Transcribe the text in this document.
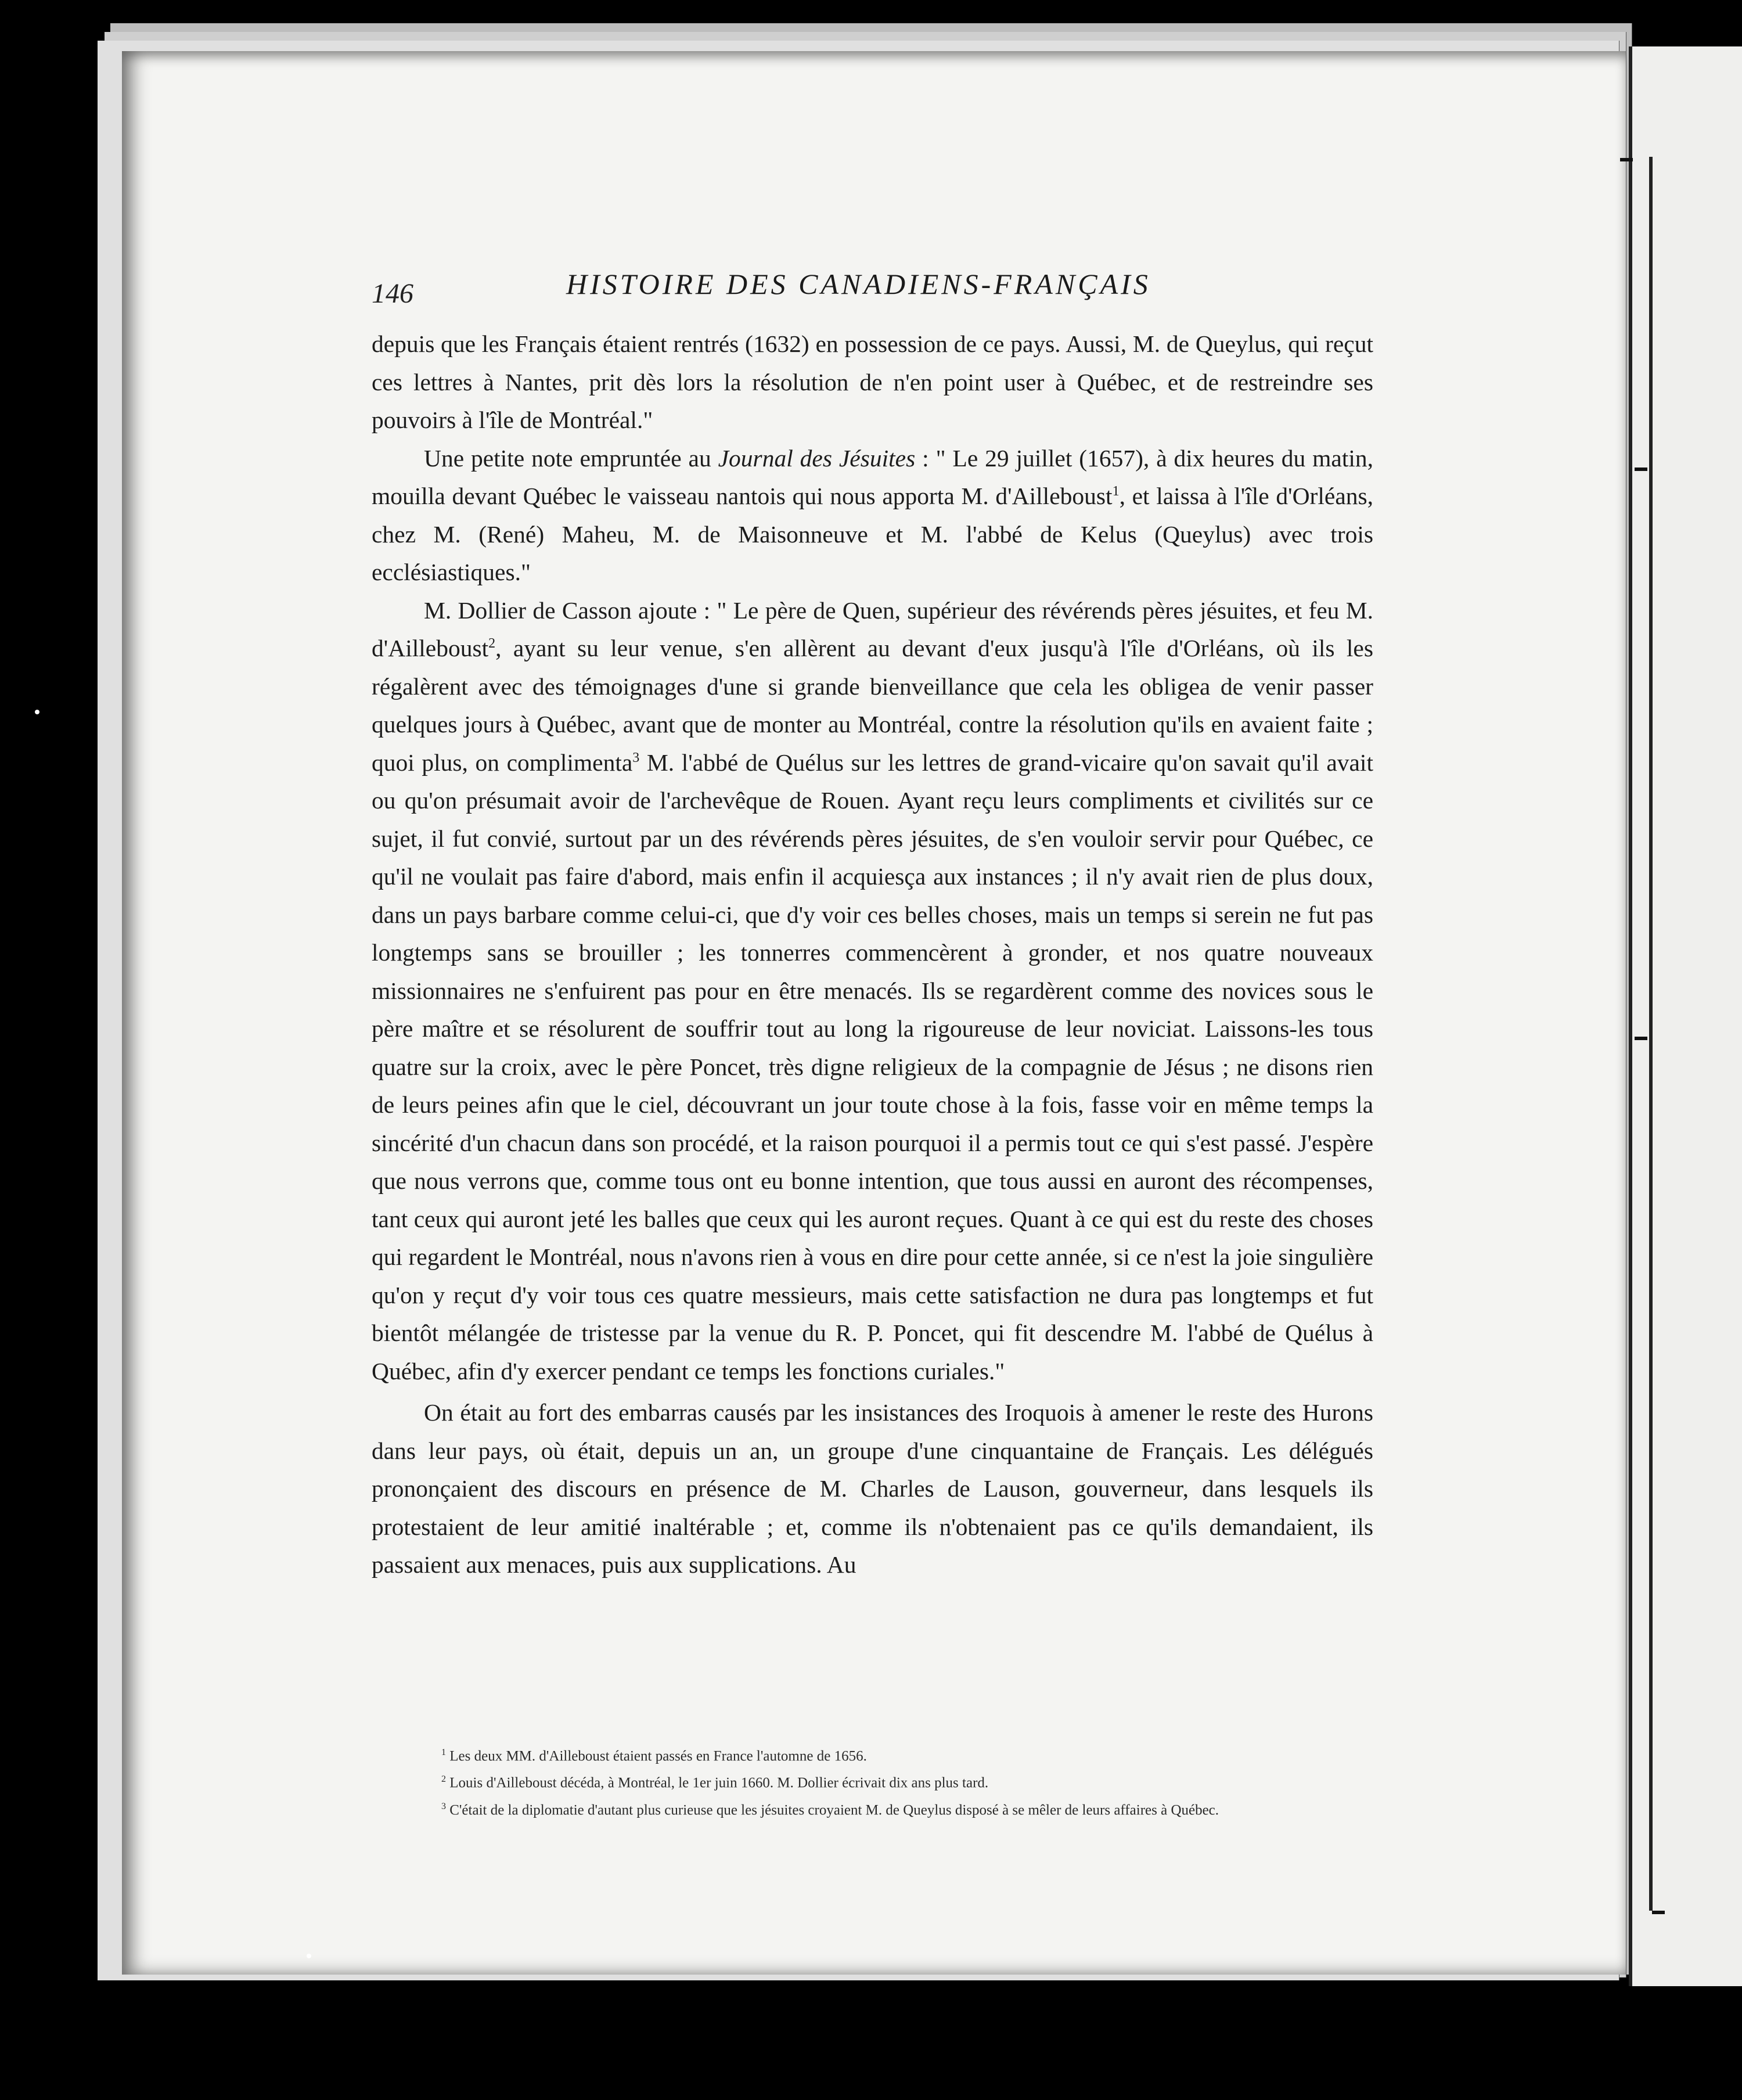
146	HISTOIRE DES CANADIENS-FRANÇAIS

depuis que les Français étaient rentrés (1632) en possession de ce pays. Aussi, M. de Queylus, qui reçut ces lettres à Nantes, prit dès lors la résolution de n'en point user à Québec, et de restreindre ses pouvoirs à l'île de Montréal."

Une petite note empruntée au Journal des Jésuites : " Le 29 juillet (1657), à dix heures du matin, mouilla devant Québec le vaisseau nantois qui nous apporta M. d'Ailleboust$^1$, et laissa à l'île d'Orléans, chez M. (René) Maheu, M. de Maisonneuve et M. l'abbé de Kelus (Queylus) avec trois ecclésiastiques."

M. Dollier de Casson ajoute : " Le père de Quen, supérieur des révérends pères jésuites, et feu M. d'Ailleboust$^2$, ayant su leur venue, s'en allèrent au devant d'eux jusqu'à l'île d'Orléans, où ils les régalèrent avec des témoignages d'une si grande bienveillance que cela les obligea de venir passer quelques jours à Québec, avant que de monter au Montréal, contre la résolution qu'ils en avaient faite ; quoi plus, on complimenta$^3$ M. l'abbé de Quélus sur les lettres de grand-vicaire qu'on savait qu'il avait ou qu'on présumait avoir de l'archevêque de Rouen. Ayant reçu leurs compliments et civilités sur ce sujet, il fut convié, surtout par un des révérends pères jésuites, de s'en vouloir servir pour Québec, ce qu'il ne voulait pas faire d'abord, mais enfin il acquiesça aux instances ; il n'y avait rien de plus doux, dans un pays barbare comme celui-ci, que d'y voir ces belles choses, mais un temps si serein ne fut pas longtemps sans se brouiller ; les tonnerres commencèrent à gronder, et nos quatre nouveaux missionnaires ne s'enfuirent pas pour en être menacés. Ils se regardèrent comme des novices sous le père maître et se résolurent de souffrir tout au long la rigoureuse de leur noviciat. Laissons-les tous quatre sur la croix, avec le père Poncet, très digne religieux de la compagnie de Jésus ; ne disons rien de leurs peines afin que le ciel, découvrant un jour toute chose à la fois, fasse voir en même temps la sincérité d'un chacun dans son procédé, et la raison pourquoi il a permis tout ce qui s'est passé. J'espère que nous verrons que, comme tous ont eu bonne intention, que tous aussi en auront des récompenses, tant ceux qui auront jeté les balles que ceux qui les auront reçues. Quant à ce qui est du reste des choses qui regardent le Montréal, nous n'avons rien à vous en dire pour cette année, si ce n'est la joie singulière qu'on y reçut d'y voir tous ces quatre messieurs, mais cette satisfaction ne dura pas longtemps et fut bientôt mélangée de tristesse par la venue du R. P. Poncet, qui fit descendre M. l'abbé de Quélus à Québec, afin d'y exercer pendant ce temps les fonctions curiales."

On était au fort des embarras causés par les insistances des Iroquois à amener le reste des Hurons dans leur pays, où était, depuis un an, un groupe d'une cinquantaine de Français. Les délégués prononçaient des discours en présence de M. Charles de Lauson, gouverneur, dans lesquels ils protestaient de leur amitié inaltérable ; et, comme ils n'obtenaient pas ce qu'ils demandaient, ils passaient aux menaces, puis aux supplications. Au

$^1$ Les deux MM. d'Ailleboust étaient passés en France l'automne de 1656.
$^2$ Louis d'Ailleboust décéda, à Montréal, le 1er juin 1660. M. Dollier écrivait dix ans plus tard.
$^3$ C'était de la diplomatie d'autant plus curieuse que les jésuites croyaient M. de Queylus disposé à se mêler de leurs affaires à Québec.
